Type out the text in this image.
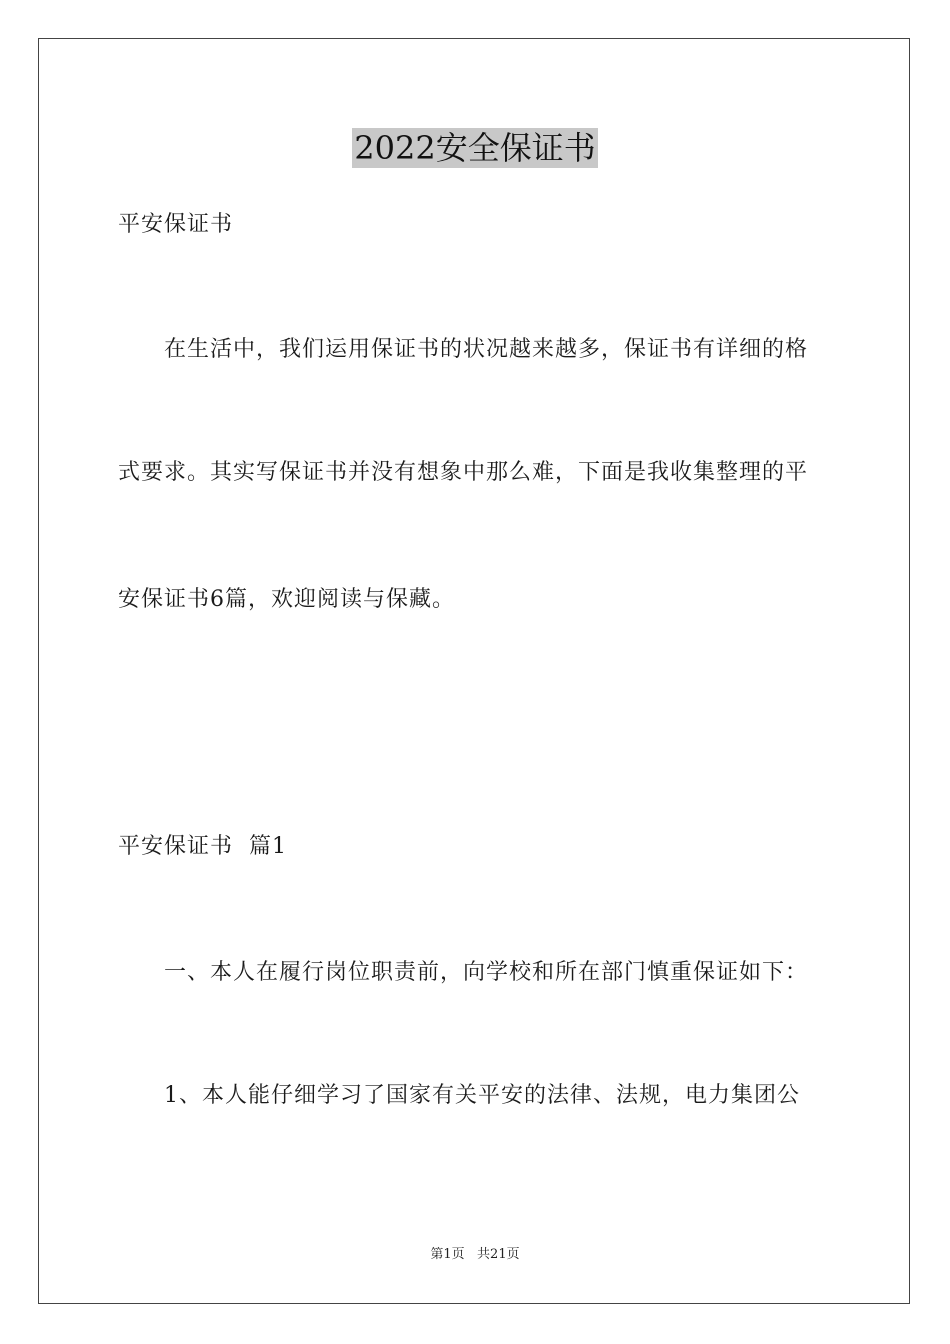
2022安全保证书
平安保证书
在生活中，我们运用保证书的状况越来越多，保证书有详细的格
式要求。其实写保证书并没有想象中那么难，下面是我收集整理的平
安保证书6篇，欢迎阅读与保藏。
平安保证书  篇1
一、本人在履行岗位职责前，向学校和所在部门慎重保证如下：
1、本人能仔细学习了国家有关平安的法律、法规，电力集团公
第1页   共21页
